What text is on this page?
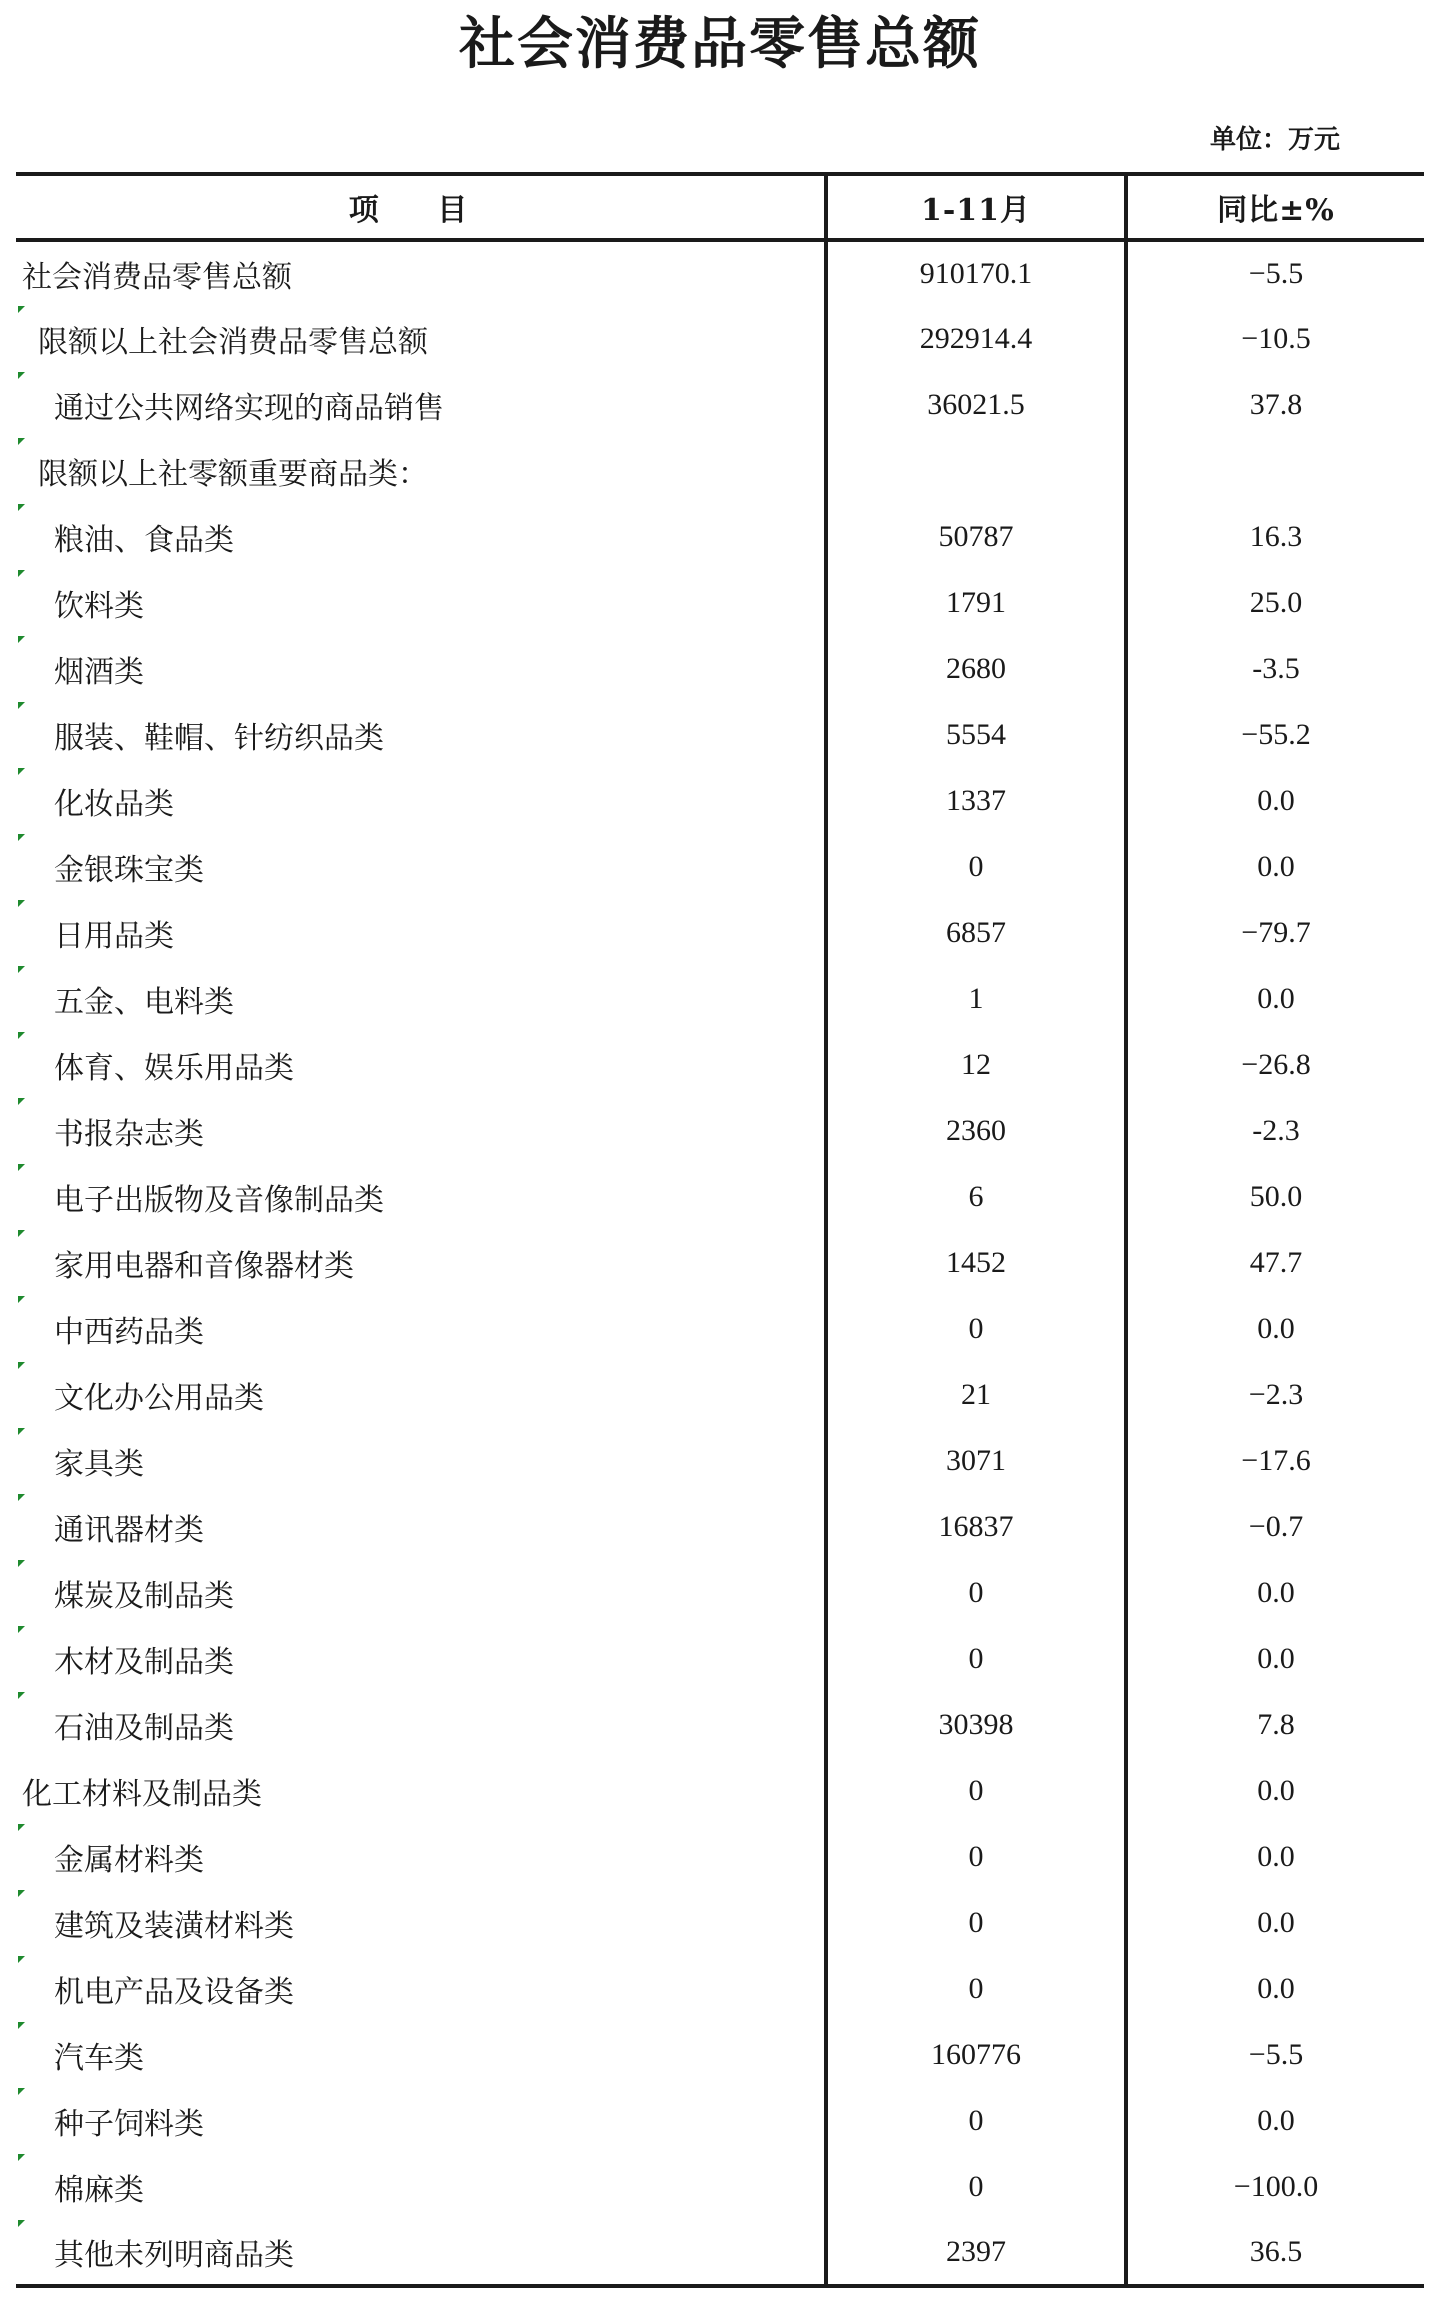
社会消费品零售总额
单位：万元
项 目	1-11月	同比±%
社会消费品零售总额	910170.1	−5.5

限额以上社会消费品零售总额	292914.4	−10.5

通过公共网络实现的商品销售	36021.5	37.8

限额以上社零额重要商品类：		

粮油、食品类	50787	16.3

饮料类	1791	25.0

烟酒类	2680	-3.5

服装、鞋帽、针纺织品类	5554	−55.2

化妆品类	1337	0.0

金银珠宝类	0	0.0

日用品类	6857	−79.7

五金、电料类	1	0.0

体育、娱乐用品类	12	−26.8

书报杂志类	2360	-2.3

电子出版物及音像制品类	6	50.0

家用电器和音像器材类	1452	47.7

中西药品类	0	0.0

文化办公用品类	21	−2.3

家具类	3071	−17.6

通讯器材类	16837	−0.7

煤炭及制品类	0	0.0

木材及制品类	0	0.0

石油及制品类	30398	7.8
化工材料及制品类	0	0.0

金属材料类	0	0.0

建筑及装潢材料类	0	0.0

机电产品及设备类	0	0.0

汽车类	160776	−5.5

种子饲料类	0	0.0

棉麻类	0	−100.0

其他未列明商品类	2397	36.5
